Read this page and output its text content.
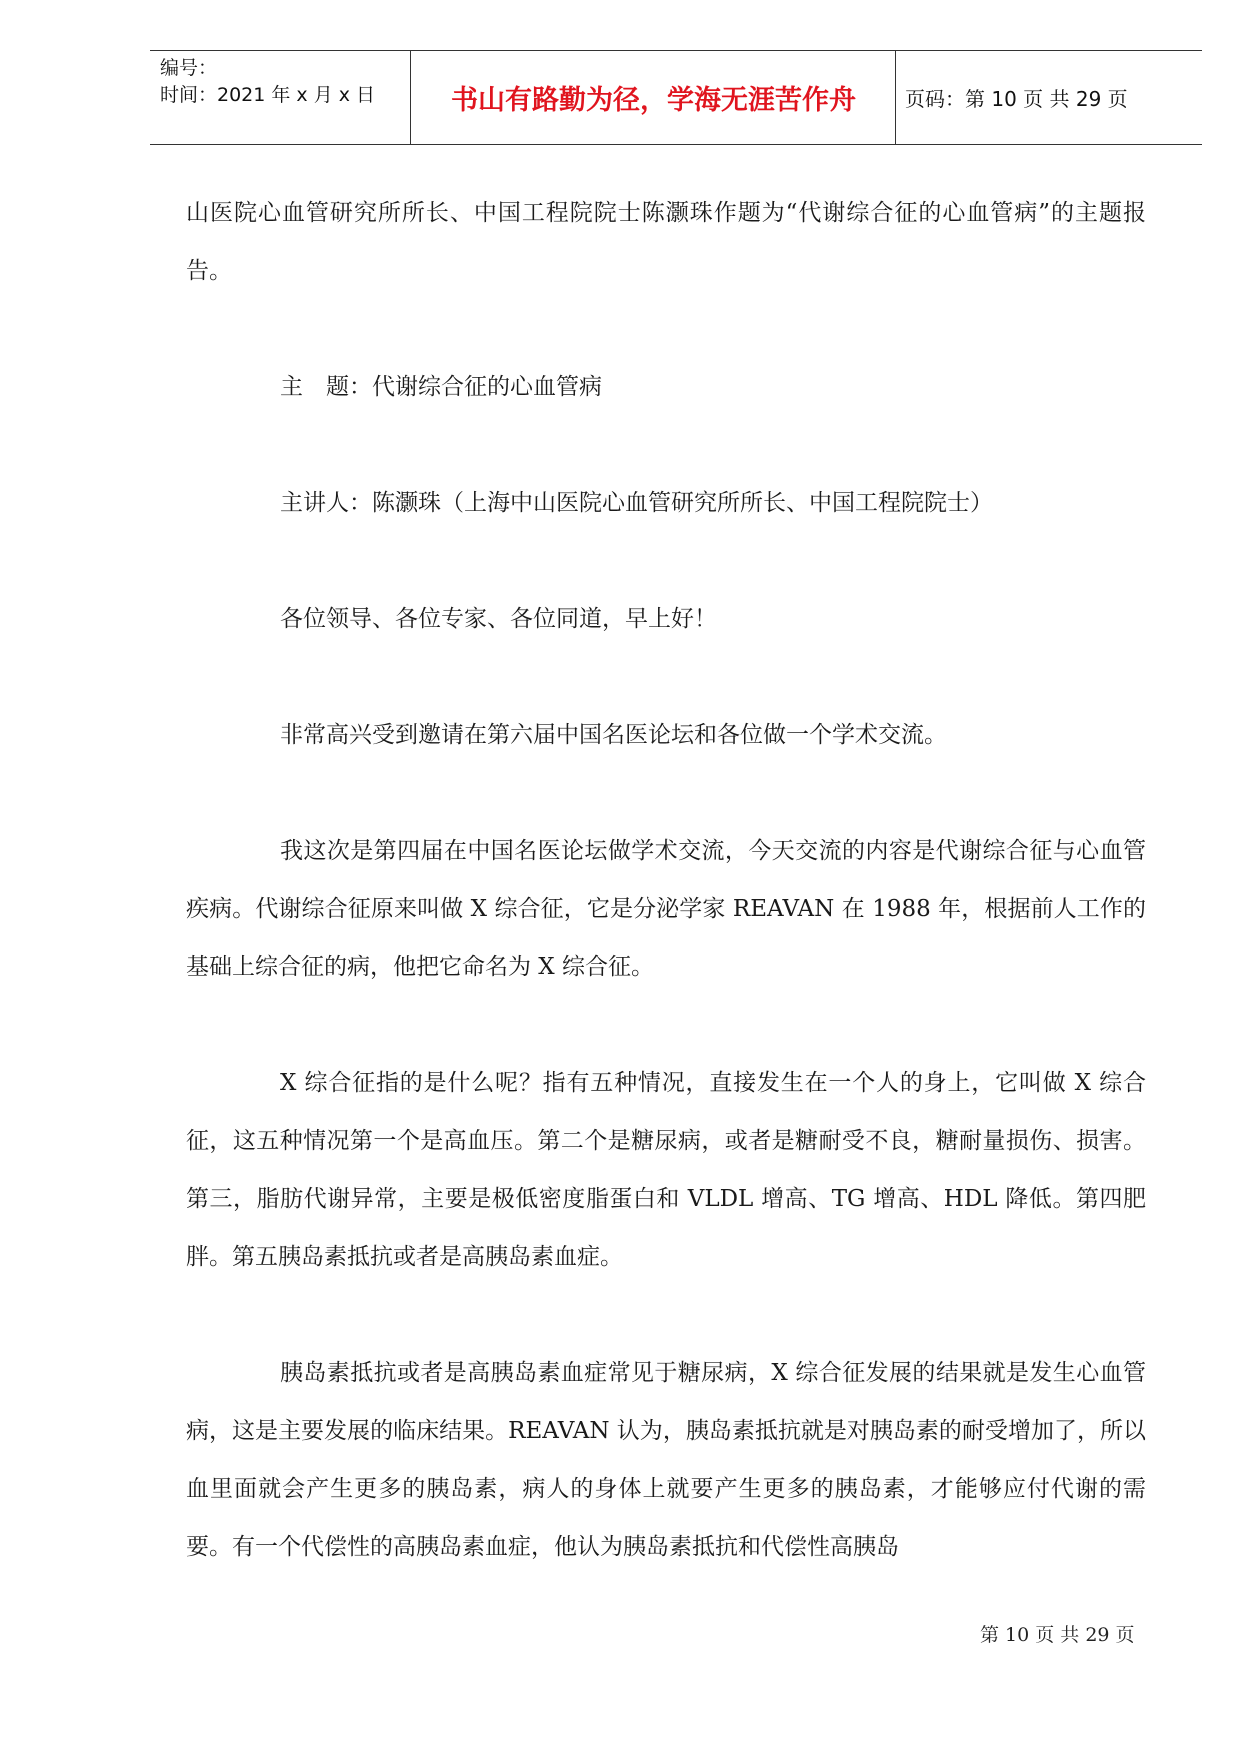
编号：
时间：2021 年 x 月 x 日	书山有路勤为径，学海无涯苦作舟	页码：第 10 页 共 29 页

山医院心血管研究所所长、中国工程院院士陈灏珠作题为“代谢综合征的心血管病”的主题报告。

主　题：代谢综合征的心血管病

主讲人：陈灏珠（上海中山医院心血管研究所所长、中国工程院院士）

各位领导、各位专家、各位同道，早上好！

非常高兴受到邀请在第六届中国名医论坛和各位做一个学术交流。

我这次是第四届在中国名医论坛做学术交流，今天交流的内容是代谢综合征与心血管疾病。代谢综合征原来叫做 X 综合征，它是分泌学家 REAVAN 在 1988 年，根据前人工作的基础上综合征的病，他把它命名为 X 综合征。

X 综合征指的是什么呢？指有五种情况，直接发生在一个人的身上，它叫做 X 综合征，这五种情况第一个是高血压。第二个是糖尿病，或者是糖耐受不良，糖耐量损伤、损害。第三，脂肪代谢异常，主要是极低密度脂蛋白和 VLDL 增高、TG 增高、HDL 降低。第四肥胖。第五胰岛素抵抗或者是高胰岛素血症。

胰岛素抵抗或者是高胰岛素血症常见于糖尿病，X 综合征发展的结果就是发生心血管病，这是主要发展的临床结果。REAVAN 认为，胰岛素抵抗就是对胰岛素的耐受增加了，所以血里面就会产生更多的胰岛素，病人的身体上就要产生更多的胰岛素，才能够应付代谢的需要。有一个代偿性的高胰岛素血症，他认为胰岛素抵抗和代偿性高胰岛

第 10 页 共 29 页
